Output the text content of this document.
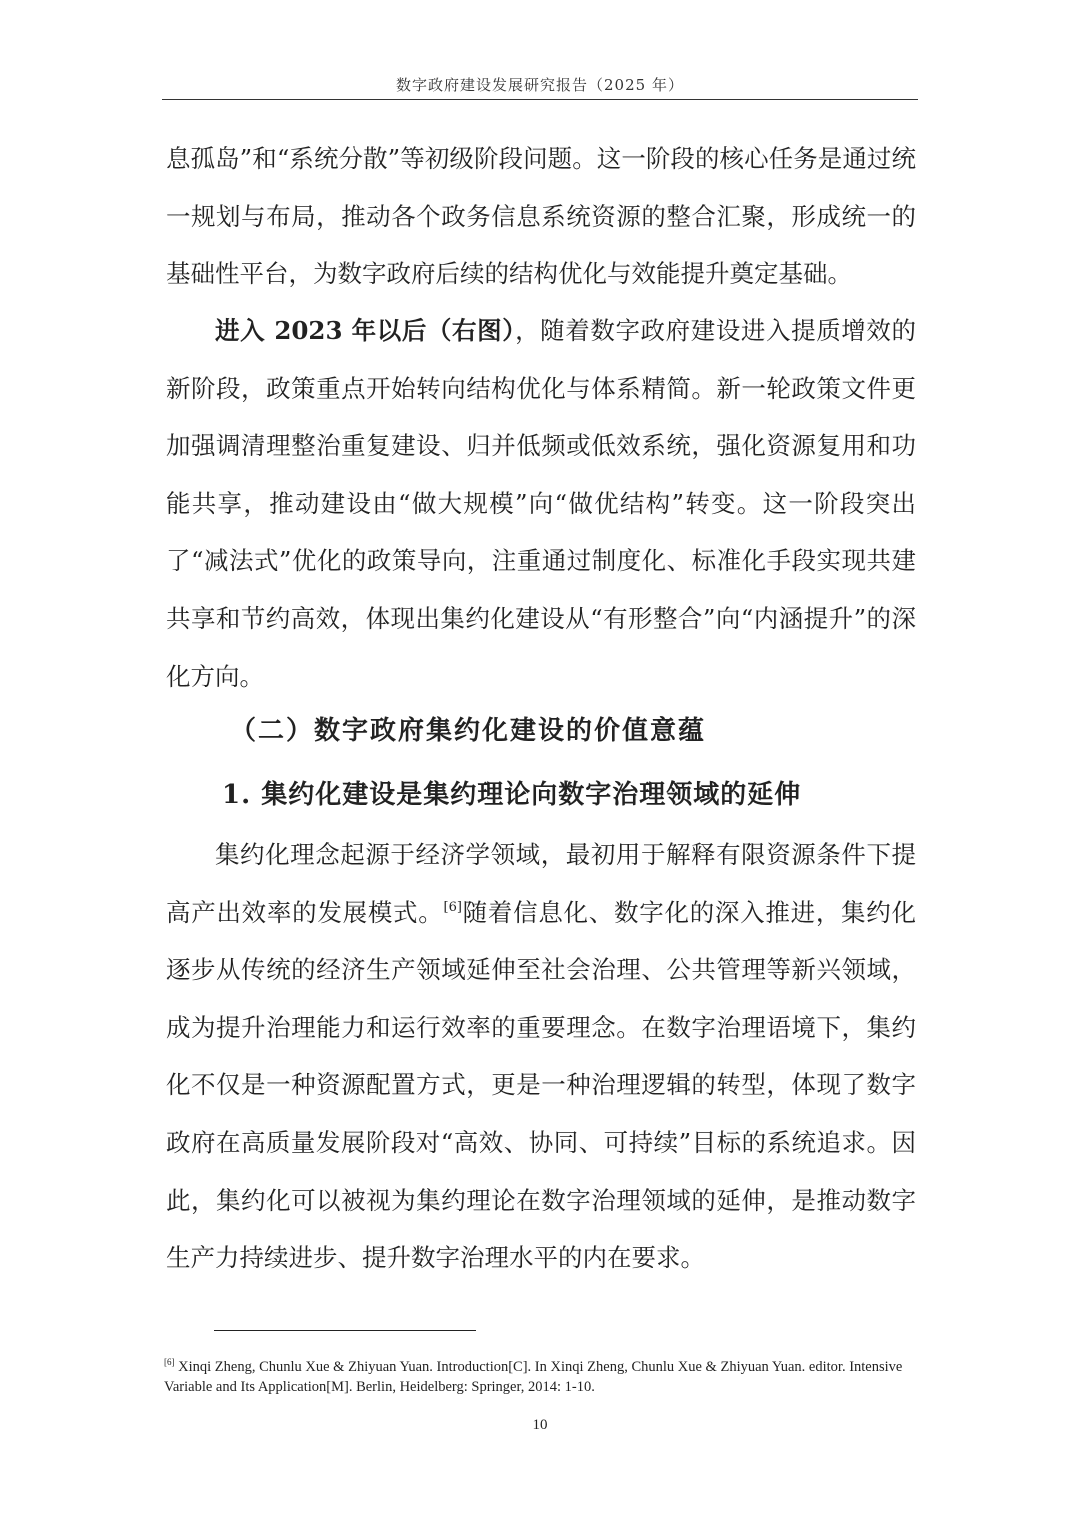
数字政府建设发展研究报告（2025 年）

息孤岛”和“系统分散”等初级阶段问题。这一阶段的核心任务是通过统一规划与布局，推动各个政务信息系统资源的整合汇聚，形成统一的基础性平台，为数字政府后续的结构优化与效能提升奠定基础。

进入 2023 年以后（右图），随着数字政府建设进入提质增效的新阶段，政策重点开始转向结构优化与体系精简。新一轮政策文件更加强调清理整治重复建设、归并低频或低效系统，强化资源复用和功能共享，推动建设由“做大规模”向“做优结构”转变。这一阶段突出了“减法式”优化的政策导向，注重通过制度化、标准化手段实现共建共享和节约高效，体现出集约化建设从“有形整合”向“内涵提升”的深化方向。

（二）数字政府集约化建设的价值意蕴
1. 集约化建设是集约理论向数字治理领域的延伸

集约化理念起源于经济学领域，最初用于解释有限资源条件下提高产出效率的发展模式。[6]随着信息化、数字化的深入推进，集约化逐步从传统的经济生产领域延伸至社会治理、公共管理等新兴领域，成为提升治理能力和运行效率的重要理念。在数字治理语境下，集约化不仅是一种资源配置方式，更是一种治理逻辑的转型，体现了数字政府在高质量发展阶段对“高效、协同、可持续”目标的系统追求。因此，集约化可以被视为集约理论在数字治理领域的延伸，是推动数字生产力持续进步、提升数字治理水平的内在要求。

[6] Xinqi Zheng, Chunlu Xue & Zhiyuan Yuan. Introduction[C]. In Xinqi Zheng, Chunlu Xue & Zhiyuan Yuan. editor. Intensive Variable and Its Application[M]. Berlin, Heidelberg: Springer, 2014: 1-10.

10
